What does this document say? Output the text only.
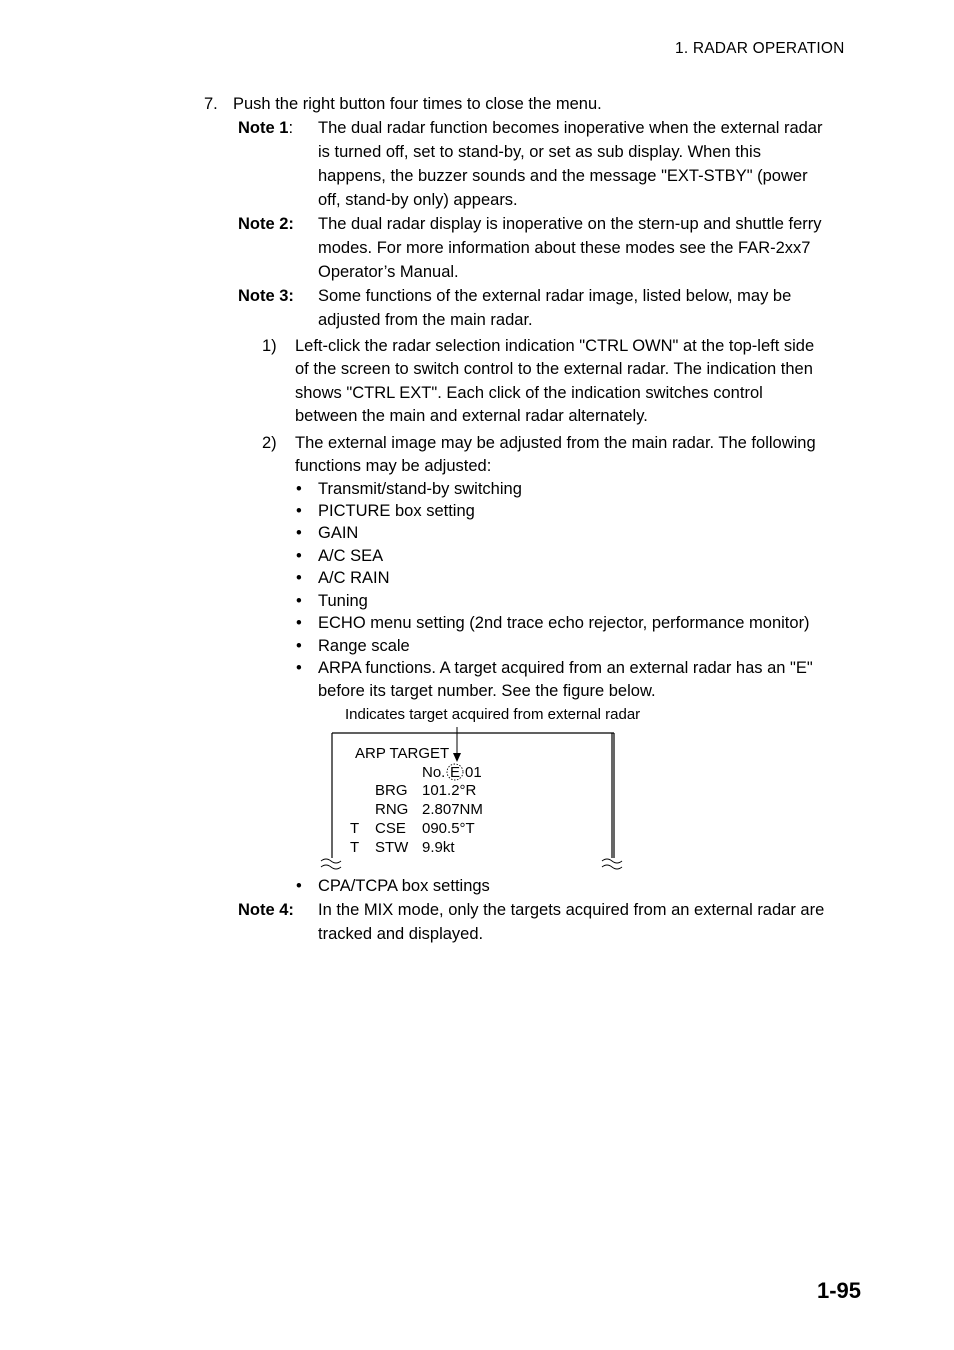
1. RADAR OPERATION
7. Push the right button four times to close the menu.
Note 1: The dual radar function becomes inoperative when the external radar
is turned off, set to stand-by, or set as sub display. When this
happens, the buzzer sounds and the message "EXT-STBY" (power
off, stand-by only) appears.
Note 2: The dual radar display is inoperative on the stern-up and shuttle ferry
modes. For more information about these modes see the FAR-2xx7
Operator’s Manual.
Note 3: Some functions of the external radar image, listed below, may be
adjusted from the main radar.
1) Left-click the radar selection indication "CTRL OWN" at the top-left side
of the screen to switch control to the external radar. The indication then
shows "CTRL EXT". Each click of the indication switches control
between the main and external radar alternately.
2) The external image may be adjusted from the main radar. The following
functions may be adjusted:
• Transmit/stand-by switching
• PICTURE box setting
• GAIN
• A/C SEA
• A/C RAIN
• Tuning
• ECHO menu setting (2nd trace echo rejector, performance monitor)
• Range scale
• ARPA functions. A target acquired from an external radar has an "E"
before its target number. See the figure below.
Indicates target acquired from external radar
ARP TARGET
No. E 01
BRG 101.2°R
RNG 2.807NM
T CSE 090.5°T
T STW 9.9kt
• CPA/TCPA box settings
Note 4: In the MIX mode, only the targets acquired from an external radar are
tracked and displayed.
1-95
